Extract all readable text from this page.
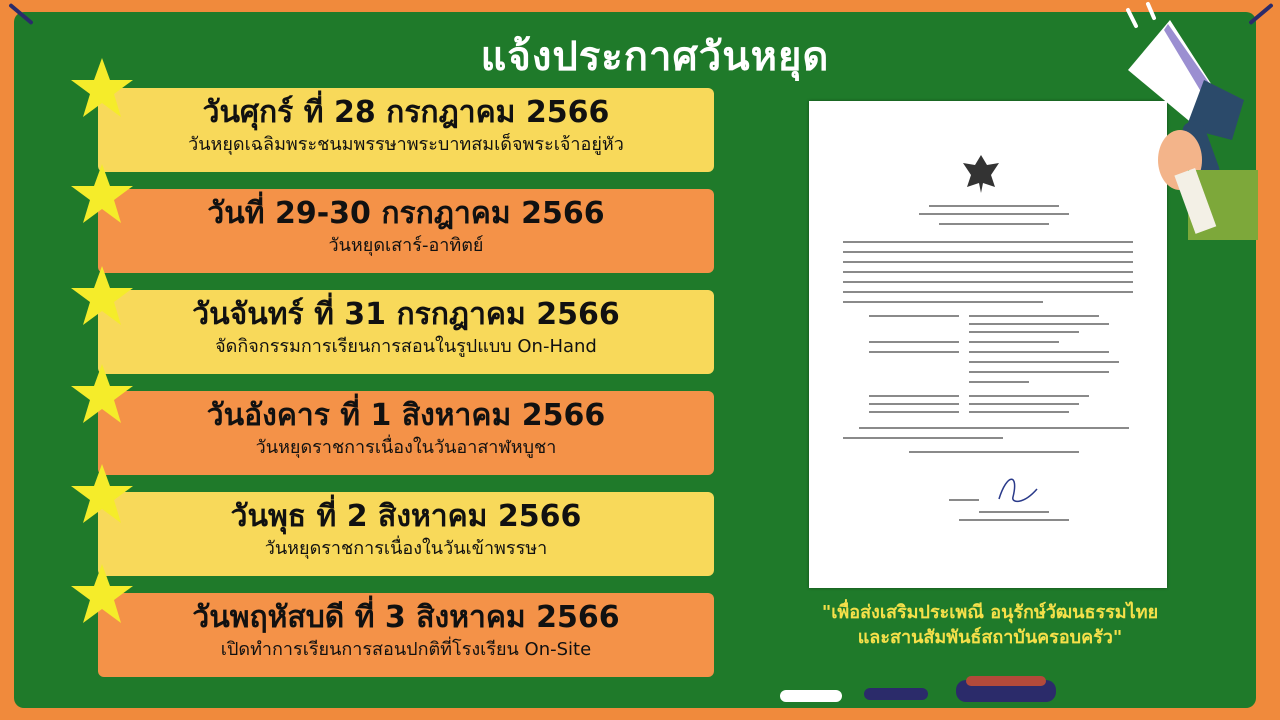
แจ้งประกาศวันหยุด
วันศุกร์ ที่ 28 กรกฎาคม 2566
วันหยุดเฉลิมพระชนมพรรษาพระบาทสมเด็จพระเจ้าอยู่หัว
วันที่ 29-30 กรกฎาคม 2566
วันหยุดเสาร์-อาทิตย์
วันจันทร์ ที่ 31 กรกฎาคม 2566
จัดกิจกรรมการเรียนการสอนในรูปแบบ On-Hand
วันอังคาร ที่ 1 สิงหาคม 2566
วันหยุดราชการเนื่องในวันอาสาฬหบูชา
วันพุธ ที่ 2 สิงหาคม 2566
วันหยุดราชการเนื่องในวันเข้าพรรษา
วันพฤหัสบดี ที่ 3 สิงหาคม 2566
เปิดทำการเรียนการสอนปกติที่โรงเรียน On-Site
"เพื่อส่งเสริมประเพณี อนุรักษ์วัฒนธรรมไทย
และสานสัมพันธ์สถาบันครอบครัว"
